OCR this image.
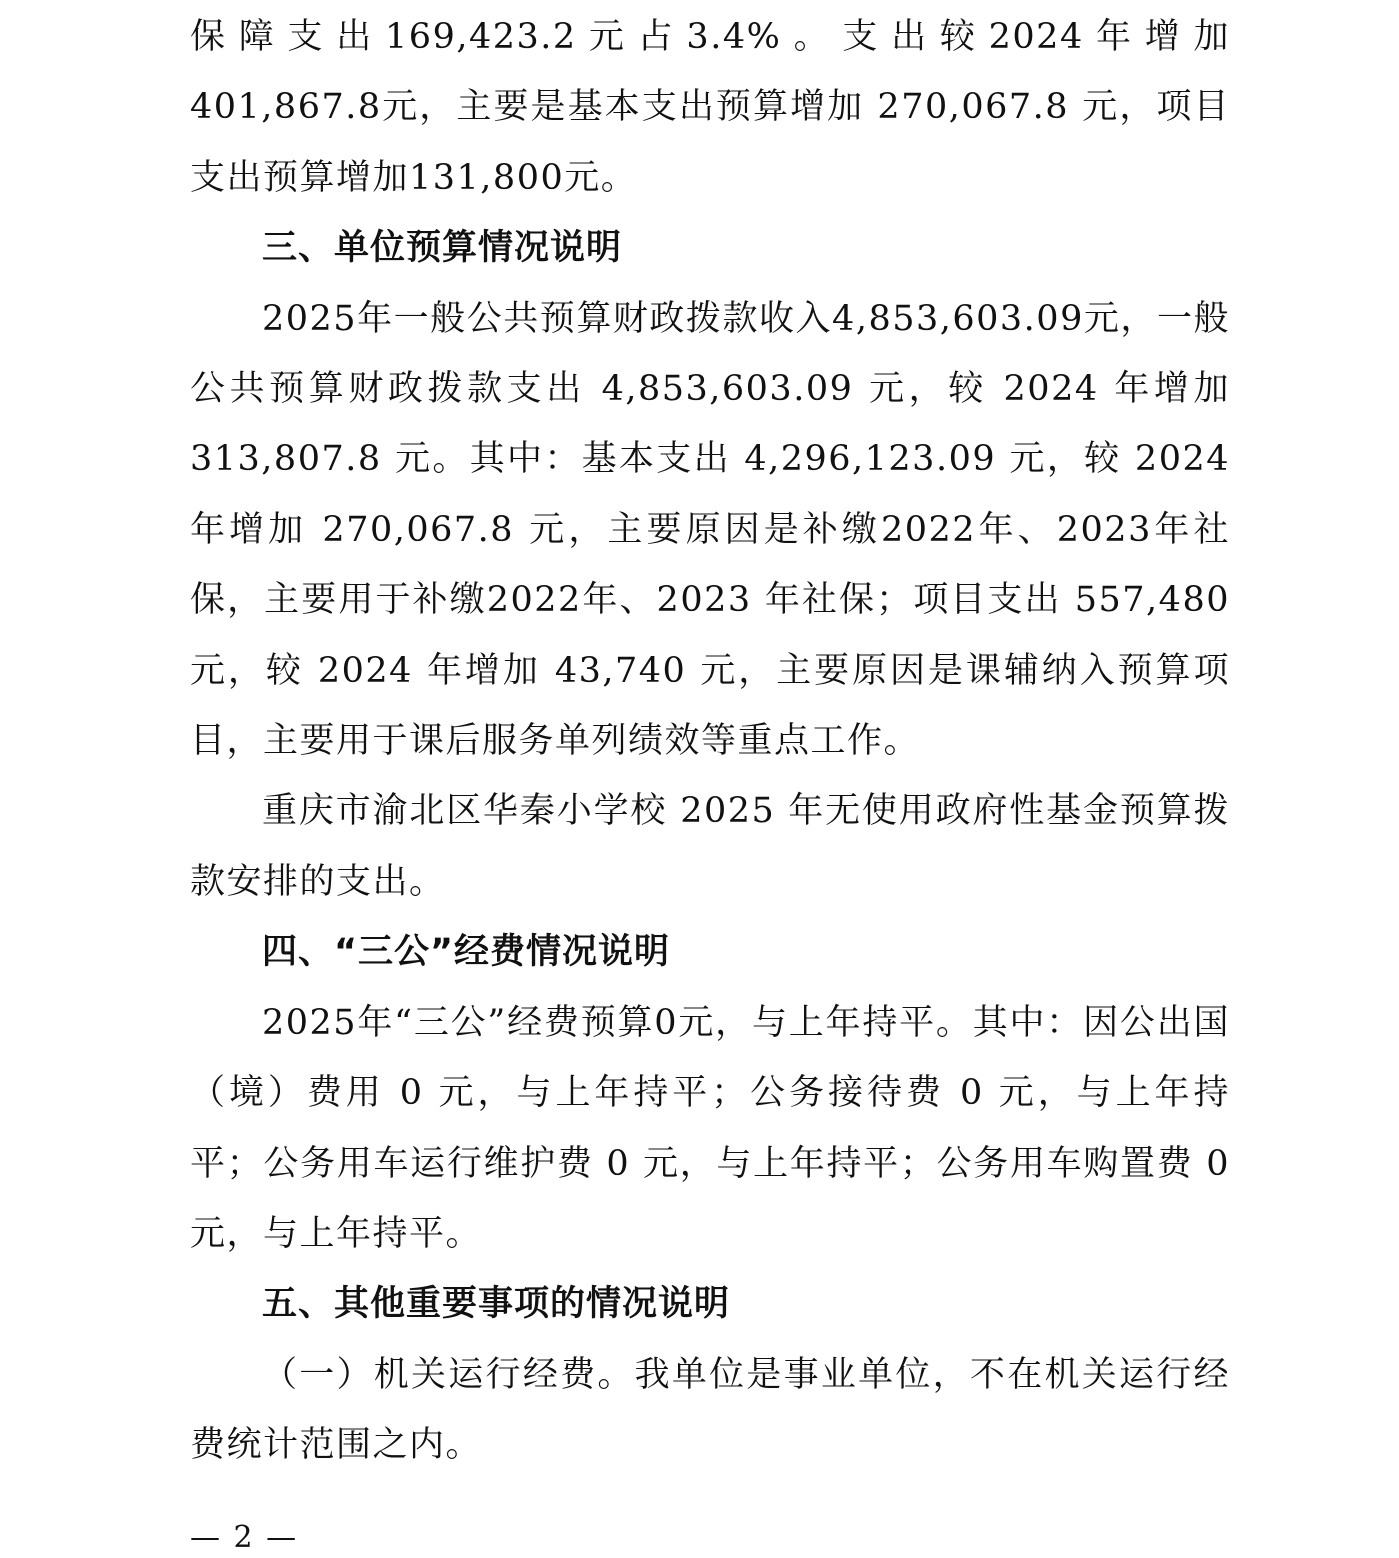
保障支出169,423.2元占3.4%。支出较2024年增加401,867.8元，主要是基本支出预算增加 270,067.8 元，项目支出预算增加131,800元。

三、单位预算情况说明

2025年一般公共预算财政拨款收入4,853,603.09元，一般公共预算财政拨款支出 4,853,603.09 元，较 2024 年增加 313,807.8 元。其中：基本支出 4,296,123.09 元，较 2024 年增加 270,067.8 元，主要原因是补缴2022年、2023年社保，主要用于补缴2022年、2023 年社保；项目支出 557,480 元，较 2024 年增加 43,740 元，主要原因是课辅纳入预算项目，主要用于课后服务单列绩效等重点工作。

重庆市渝北区华秦小学校 2025 年无使用政府性基金预算拨款安排的支出。

四、“三公”经费情况说明

2025年“三公”经费预算0元，与上年持平。其中：因公出国（境）费用 0 元，与上年持平；公务接待费 0 元，与上年持平；公务用车运行维护费 0 元，与上年持平；公务用车购置费 0 元，与上年持平。

五、其他重要事项的情况说明

（一）机关运行经费。我单位是事业单位，不在机关运行经费统计范围之内。

— 2 —
